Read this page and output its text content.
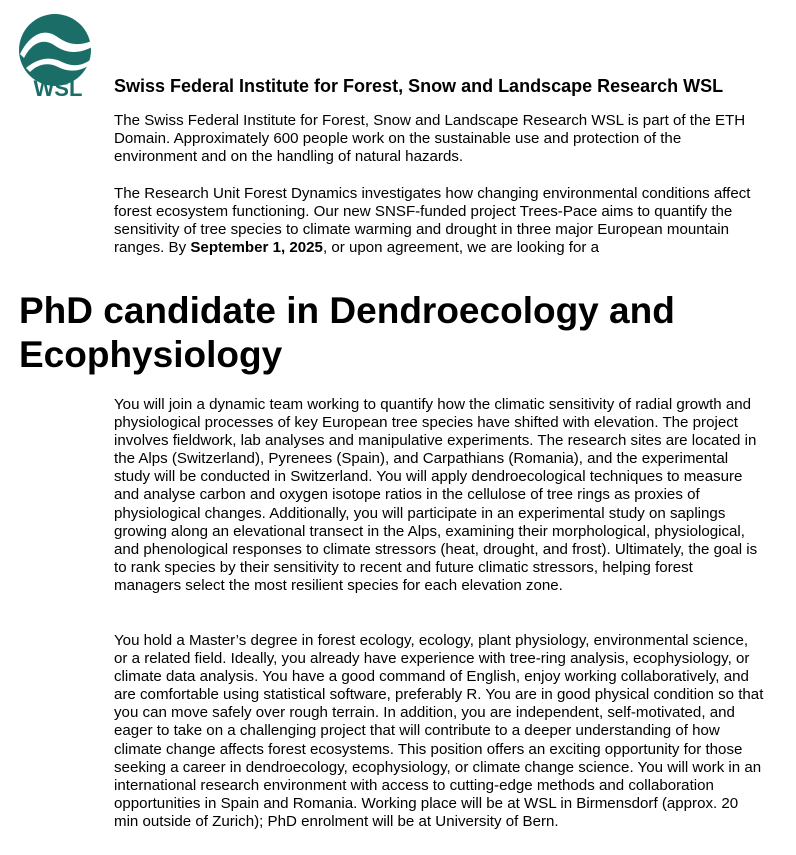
WSL Swiss Federal Institute for Forest, Snow and Landscape Research WSL

The Swiss Federal Institute for Forest, Snow and Landscape Research WSL is part of the ETH Domain. Approximately 600 people work on the sustainable use and protection of the environment and on the handling of natural hazards.

The Research Unit Forest Dynamics investigates how changing environmental conditions affect forest ecosystem functioning. Our new SNSF-funded project Trees-Pace aims to quantify the sensitivity of tree species to climate warming and drought in three major European mountain ranges. By September 1, 2025, or upon agreement, we are looking for a

PhD candidate in Dendroecology and Ecophysiology

You will join a dynamic team working to quantify how the climatic sensitivity of radial growth and physiological processes of key European tree species have shifted with elevation. The project involves fieldwork, lab analyses and manipulative experiments. The research sites are located in the Alps (Switzerland), Pyrenees (Spain), and Carpathians (Romania), and the experimental study will be conducted in Switzerland. You will apply dendroecological techniques to measure and analyse carbon and oxygen isotope ratios in the cellulose of tree rings as proxies of physiological changes. Additionally, you will participate in an experimental study on saplings growing along an elevational transect in the Alps, examining their morphological, physiological, and phenological responses to climate stressors (heat, drought, and frost). Ultimately, the goal is to rank species by their sensitivity to recent and future climatic stressors, helping forest managers select the most resilient species for each elevation zone.

You hold a Master’s degree in forest ecology, ecology, plant physiology, environmental science, or a related field. Ideally, you already have experience with tree-ring analysis, ecophysiology, or climate data analysis. You have a good command of English, enjoy working collaboratively, and are comfortable using statistical software, preferably R. You are in good physical condition so that you can move safely over rough terrain. In addition, you are independent, self-motivated, and eager to take on a challenging project that will contribute to a deeper understanding of how climate change affects forest ecosystems. This position offers an exciting opportunity for those seeking a career in dendroecology, ecophysiology, or climate change science. You will work in an international research environment with access to cutting-edge methods and collaboration opportunities in Spain and Romania. Working place will be at WSL in Birmensdorf (approx. 20 min outside of Zurich); PhD enrolment will be at University of Bern.
